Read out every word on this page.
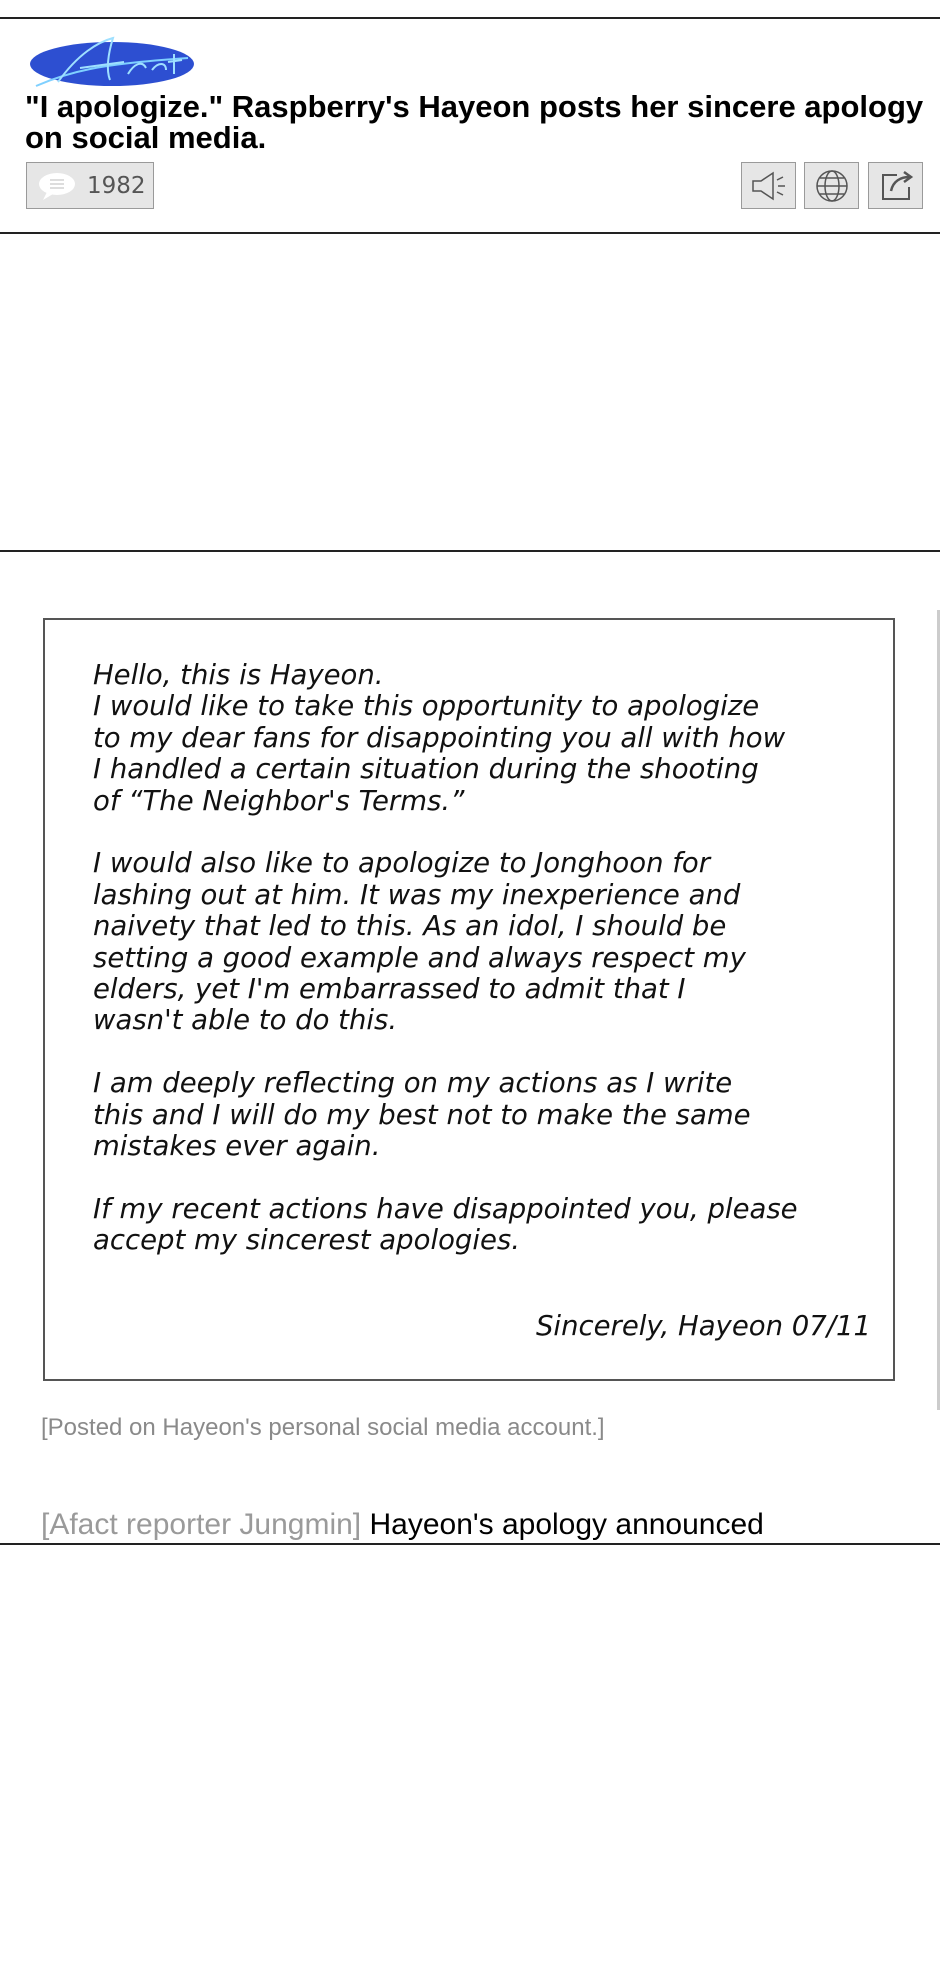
"I apologize." Raspberry's Hayeon posts her sincere apology on social media.
1982

Hello, this is Hayeon.
I would like to take this opportunity to apologize
to my dear fans for disappointing you all with how
I handled a certain situation during the shooting
of “The Neighbor's Terms.”

I would also like to apologize to Jonghoon for
lashing out at him. It was my inexperience and
naivety that led to this. As an idol, I should be
setting a good example and always respect my
elders, yet I'm embarrassed to admit that I
wasn't able to do this.

I am deeply reflecting on my actions as I write
this and I will do my best not to make the same
mistakes ever again.

If my recent actions have disappointed you, please
accept my sincerest apologies.

Sincerely, Hayeon 07/11
[Posted on Hayeon's personal social media account.]
[Afact reporter Jungmin] Hayeon's apology announced
